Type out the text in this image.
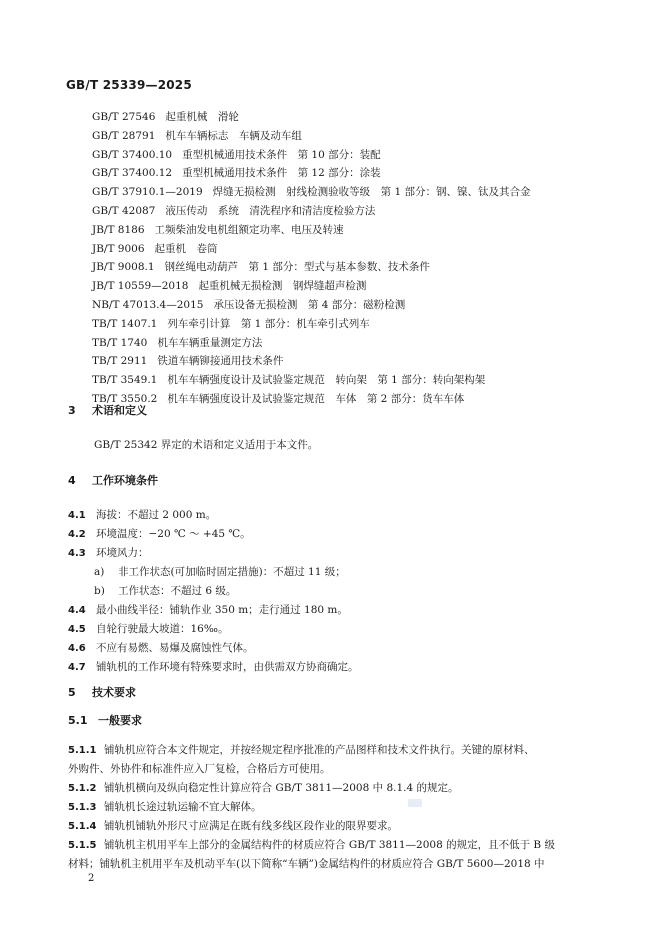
GB/T 25339—2025
GB/T 27546 起重机械　滑轮
GB/T 28791 机车车辆标志　车辆及动车组
GB/T 37400.10 重型机械通用技术条件　第 10 部分：装配
GB/T 37400.12 重型机械通用技术条件　第 12 部分：涂装
GB/T 37910.1—2019 焊缝无损检测　射线检测验收等级　第 1 部分：钢、镍、钛及其合金
GB/T 42087 液压传动　系统　清洗程序和清洁度检验方法
JB/T 8186 工频柴油发电机组额定功率、电压及转速
JB/T 9006 起重机　卷筒
JB/T 9008.1 钢丝绳电动葫芦　第 1 部分：型式与基本参数、技术条件
JB/T 10559—2018 起重机械无损检测　钢焊缝超声检测
NB/T 47013.4—2015 承压设备无损检测　第 4 部分：磁粉检测
TB/T 1407.1 列车牵引计算　第 1 部分：机车牵引式列车
TB/T 1740 机车车辆重量测定方法
TB/T 2911 铁道车辆铆接通用技术条件
TB/T 3549.1 机车车辆强度设计及试验鉴定规范　转向架　第 1 部分：转向架构架
TB/T 3550.2 机车车辆强度设计及试验鉴定规范　车体　第 2 部分：货车车体
3 术语和定义
GB/T 25342 界定的术语和定义适用于本文件。
4 工作环境条件
4.1 海拔：不超过 2 000 m。
4.2 环境温度：−20 ℃ ～ +45 ℃。
4.3 环境风力：
a) 非工作状态(可加临时固定措施)：不超过 11 级；
b) 工作状态：不超过 6 级。
4.4 最小曲线半径：铺轨作业 350 m；走行通过 180 m。
4.5 自轮行驶最大坡道：16‰。
4.6 不应有易燃、易爆及腐蚀性气体。
4.7 铺轨机的工作环境有特殊要求时，由供需双方协商确定。
5 技术要求
5.1 一般要求
5.1.1 铺轨机应符合本文件规定，并按经规定程序批准的产品图样和技术文件执行。关键的原材料、
外购件、外协件和标准件应入厂复检，合格后方可使用。
5.1.2 铺轨机横向及纵向稳定性计算应符合 GB/T 3811—2008 中 8.1.4 的规定。
5.1.3 铺轨机长途过轨运输不宜大解体。
5.1.4 铺轨机铺轨外形尺寸应满足在既有线多线区段作业的限界要求。
5.1.5 铺轨机主机用平车上部分的金属结构件的材质应符合 GB/T 3811—2008 的规定，且不低于 B 级
材料；铺轨机主机用平车及机动平车(以下简称“车辆”)金属结构件的材质应符合 GB/T 5600—2018 中
2
